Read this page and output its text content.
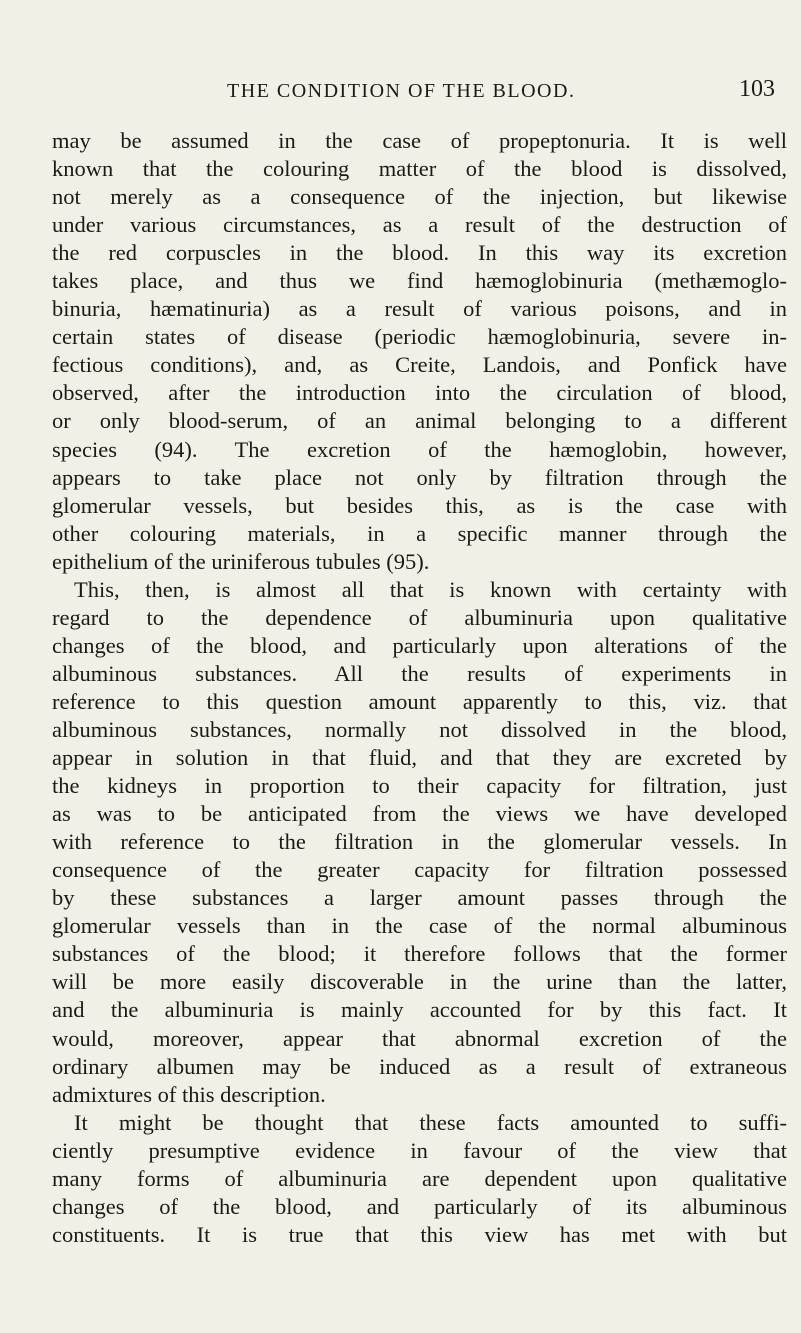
THE CONDITION OF THE BLOOD.	103
may be assumed in the case of propeptonuria. It is well
known that the colouring matter of the blood is dissolved,
not merely as a consequence of the injection, but likewise
under various circumstances, as a result of the destruction of
the red corpuscles in the blood. In this way its excretion
takes place, and thus we find hæmoglobinuria (methæmoglo-
binuria, hæmatinuria) as a result of various poisons, and in
certain states of disease (periodic hæmoglobinuria, severe in-
fectious conditions), and, as Creite, Landois, and Ponfick have
observed, after the introduction into the circulation of blood,
or only blood-serum, of an animal belonging to a different
species (94). The excretion of the hæmoglobin, however,
appears to take place not only by filtration through the
glomerular vessels, but besides this, as is the case with
other colouring materials, in a specific manner through the
epithelium of the uriniferous tubules (95).
This, then, is almost all that is known with certainty with
regard to the dependence of albuminuria upon qualitative
changes of the blood, and particularly upon alterations of the
albuminous substances. All the results of experiments in
reference to this question amount apparently to this, viz. that
albuminous substances, normally not dissolved in the blood,
appear in solution in that fluid, and that they are excreted by
the kidneys in proportion to their capacity for filtration, just
as was to be anticipated from the views we have developed
with reference to the filtration in the glomerular vessels. In
consequence of the greater capacity for filtration possessed
by these substances a larger amount passes through the
glomerular vessels than in the case of the normal albuminous
substances of the blood; it therefore follows that the former
will be more easily discoverable in the urine than the latter,
and the albuminuria is mainly accounted for by this fact. It
would, moreover, appear that abnormal excretion of the
ordinary albumen may be induced as a result of extraneous
admixtures of this description.
It might be thought that these facts amounted to suffi-
ciently presumptive evidence in favour of the view that
many forms of albuminuria are dependent upon qualitative
changes of the blood, and particularly of its albuminous
constituents. It is true that this view has met with but
